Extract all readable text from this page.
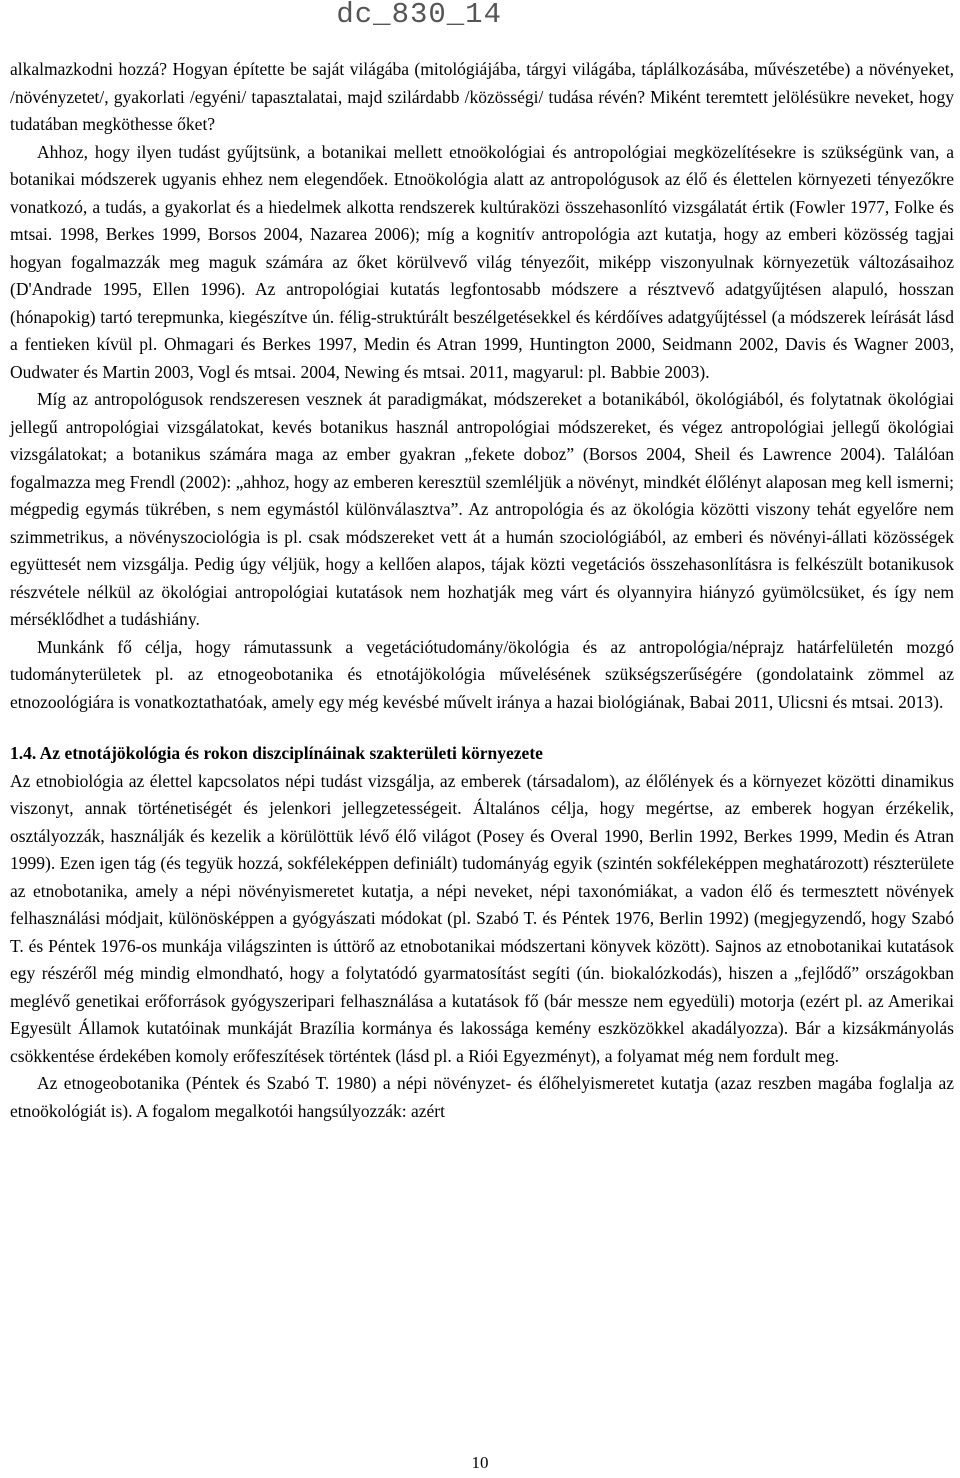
dc_830_14

alkalmazkodni hozzá? Hogyan építette be saját világába (mitológiájába, tárgyi világába, táplálkozásába, művészetébe) a növényeket, /növényzetet/, gyakorlati /egyéni/ tapasztalatai, majd szilárdabb /közösségi/ tudása révén? Miként teremtett jelölésükre neveket, hogy tudatában megköthesse őket?

Ahhoz, hogy ilyen tudást gyűjtsünk, a botanikai mellett etnoökológiai és antropológiai megközelítésekre is szükségünk van, a botanikai módszerek ugyanis ehhez nem elegendőek. Etnoökológia alatt az antropológusok az élő és élettelen környezeti tényezőkre vonatkozó, a tudás, a gyakorlat és a hiedelmek alkotta rendszerek kultúraközi összehasonlító vizsgálatát értik (Fowler 1977, Folke és mtsai. 1998, Berkes 1999, Borsos 2004, Nazarea 2006); míg a kognitív antropológia azt kutatja, hogy az emberi közösség tagjai hogyan fogalmazzák meg maguk számára az őket körülvevő világ tényezőit, miképp viszonyulnak környezetük változásaihoz (D'Andrade 1995, Ellen 1996). Az antropológiai kutatás legfontosabb módszere a résztvevő adatgyűjtésen alapuló, hosszan (hónapokig) tartó terepmunka, kiegészítve ún. félig-struktúrált beszélgetésekkel és kérdőíves adatgyűjtéssel (a módszerek leírását lásd a fentieken kívül pl. Ohmagari és Berkes 1997, Medin és Atran 1999, Huntington 2000, Seidmann 2002, Davis és Wagner 2003, Oudwater és Martin 2003, Vogl és mtsai. 2004, Newing és mtsai. 2011, magyarul: pl. Babbie 2003).

Míg az antropológusok rendszeresen vesznek át paradigmákat, módszereket a botanikából, ökológiából, és folytatnak ökológiai jellegű antropológiai vizsgálatokat, kevés botanikus használ antropológiai módszereket, és végez antropológiai jellegű ökológiai vizsgálatokat; a botanikus számára maga az ember gyakran „fekete doboz” (Borsos 2004, Sheil és Lawrence 2004). Találóan fogalmazza meg Frendl (2002): „ahhoz, hogy az emberen keresztül szemléljük a növényt, mindkét élőlényt alaposan meg kell ismerni; mégpedig egymás tükrében, s nem egymástól különválasztva”. Az antropológia és az ökológia közötti viszony tehát egyelőre nem szimmetrikus, a növényszociológia is pl. csak módszereket vett át a humán szociológiából, az emberi és növényi-állati közösségek együttesét nem vizsgálja. Pedig úgy véljük, hogy a kellően alapos, tájak közti vegetációs összehasonlításra is felkészült botanikusok részvétele nélkül az ökológiai antropológiai kutatások nem hozhatják meg várt és olyannyira hiányzó gyümölcsüket, és így nem mérséklődhet a tudáshiány.

Munkánk fő célja, hogy rámutassunk a vegetációtudomány/ökológia és az antropológia/néprajz határfelületén mozgó tudományterületek pl. az etnogeobotanika és etnotájökológia művelésének szükségszerűségére (gondolataink zömmel az etnozoológiára is vonatkoztathatóak, amely egy még kevésbé művelt iránya a hazai biológiának, Babai 2011, Ulicsni és mtsai. 2013).

1.4. Az etnotájökológia és rokon diszciplínáinak szakterületi környezete

Az etnobiológia az élettel kapcsolatos népi tudást vizsgálja, az emberek (társadalom), az élőlények és a környezet közötti dinamikus viszonyt, annak történetiségét és jelenkori jellegzetességeit. Általános célja, hogy megértse, az emberek hogyan érzékelik, osztályozzák, használják és kezelik a körülöttük lévő élő világot (Posey és Overal 1990, Berlin 1992, Berkes 1999, Medin és Atran 1999). Ezen igen tág (és tegyük hozzá, sokféleképpen definiált) tudományág egyik (szintén sokféleképpen meghatározott) részterülete az etnobotanika, amely a népi növényismeretet kutatja, a népi neveket, népi taxonómiákat, a vadon élő és termesztett növények felhasználási módjait, különösképpen a gyógyászati módokat (pl. Szabó T. és Péntek 1976, Berlin 1992) (megjegyzendő, hogy Szabó T. és Péntek 1976-os munkája világszinten is úttörő az etnobotanikai módszertani könyvek között). Sajnos az etnobotanikai kutatások egy részéről még mindig elmondható, hogy a folytatódó gyarmatosítást segíti (ún. biokalózkodás), hiszen a „fejlődő” országokban meglévő genetikai erőforrások gyógyszeripari felhasználása a kutatások fő (bár messze nem egyedüli) motorja (ezért pl. az Amerikai Egyesült Államok kutatóinak munkáját Brazília kormánya és lakossága kemény eszközökkel akadályozza). Bár a kizsákmányolás csökkentése érdekében komoly erőfeszítések történtek (lásd pl. a Riói Egyezményt), a folyamat még nem fordult meg.

Az etnogeobotanika (Péntek és Szabó T. 1980) a népi növényzet- és élőhelyismeretet kutatja (azaz reszben magába foglalja az etnoökológiát is). A fogalom megalkotói hangsúlyozzák: azért

10
